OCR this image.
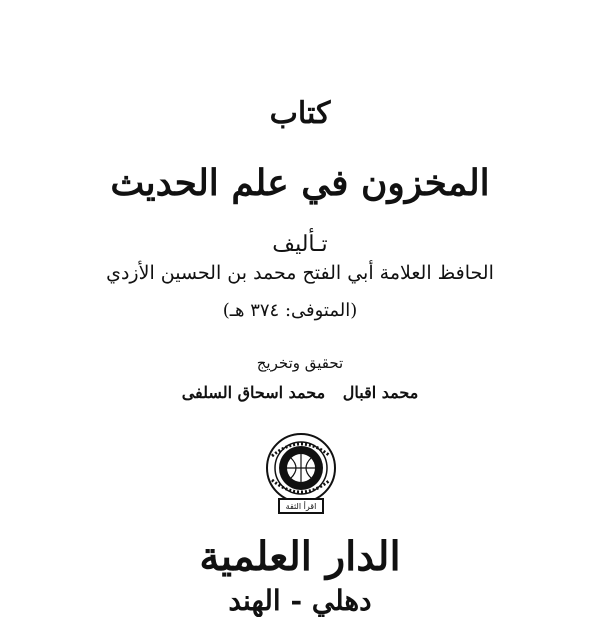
كتاب
المخزون في علم الحديث
تـأليف
الحافظ العلامة أبي الفتح محمد بن الحسين الأزدي
(المتوفى: ٣٧٤ هـ)
تحقيق وتخريج
محمد اقبال محمد اسحاق السلفى
اقرأ الثقة
الدار العلمية
دهلي - الهند
